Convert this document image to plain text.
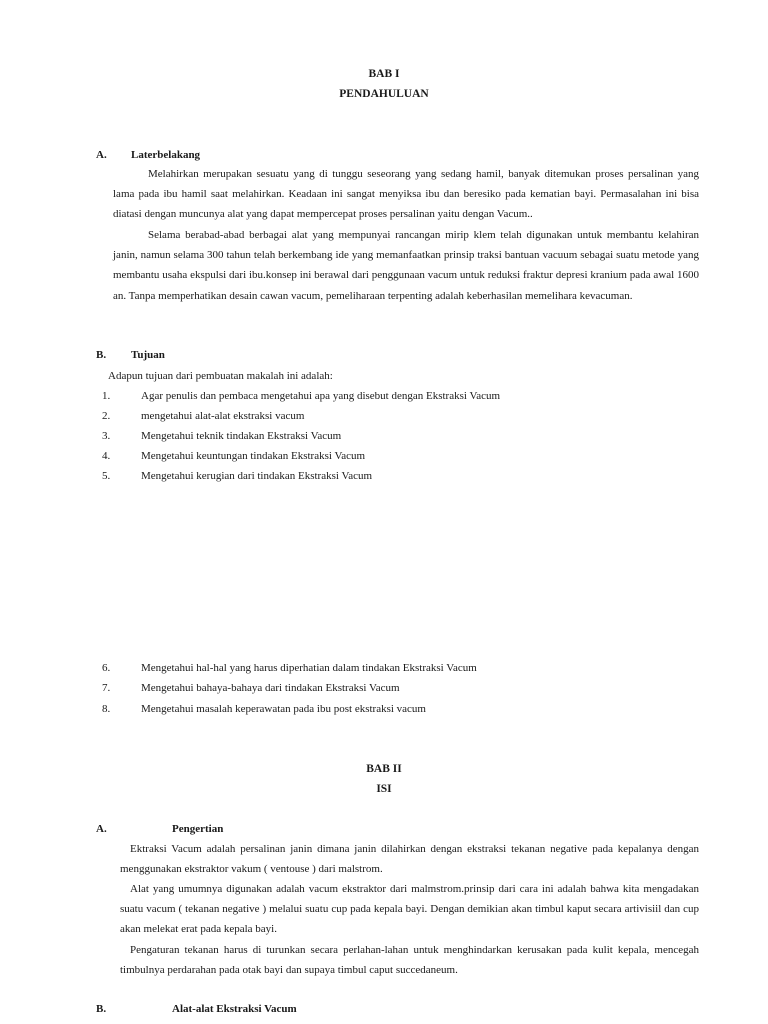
BAB I
PENDAHULUAN
A. Laterbelakang
Melahirkan merupakan sesuatu yang di tunggu seseorang yang sedang hamil, banyak ditemukan proses persalinan yang lama pada ibu hamil saat melahirkan. Keadaan ini sangat menyiksa ibu dan beresiko pada kematian bayi. Permasalahan ini bisa diatasi dengan muncunya alat yang dapat mempercepat proses persalinan yaitu dengan Vacum..
Selama berabad-abad berbagai alat yang mempunyai rancangan mirip klem telah digunakan untuk membantu kelahiran janin, namun selama 300 tahun telah berkembang ide yang memanfaatkan prinsip traksi bantuan vacuum sebagai suatu metode yang membantu usaha ekspulsi dari ibu.konsep ini berawal dari penggunaan vacum untuk reduksi fraktur depresi kranium pada awal 1600 an. Tanpa memperhatikan desain cawan vacum, pemeliharaan terpenting adalah keberhasilan memelihara kevacuman.
B. Tujuan
Adapun tujuan dari pembuatan makalah ini adalah:
1.	Agar penulis dan pembaca mengetahui apa yang disebut dengan Ekstraksi Vacum
2.	mengetahui alat-alat ekstraksi vacum
3.	Mengetahui teknik tindakan Ekstraksi Vacum
4.	Mengetahui keuntungan tindakan Ekstraksi Vacum
5.	Mengetahui kerugian dari tindakan Ekstraksi Vacum
6.	Mengetahui hal-hal yang harus diperhatian dalam tindakan Ekstraksi Vacum
7.	Mengetahui bahaya-bahaya dari tindakan Ekstraksi Vacum
8.	Mengetahui masalah keperawatan pada ibu post ekstraksi vacum
BAB II
ISI
A.	Pengertian
Ektraksi Vacum adalah persalinan janin dimana janin dilahirkan dengan ekstraksi tekanan negative pada kepalanya dengan menggunakan ekstraktor vakum ( ventouse ) dari malstrom.
Alat yang umumnya digunakan adalah vacum ekstraktor dari malmstrom.prinsip dari cara ini adalah bahwa kita mengadakan suatu vacum ( tekanan negative ) melalui suatu cup pada kepala bayi. Dengan demikian akan timbul kaput secara artivisiil dan cup akan melekat erat pada kepala bayi.
Pengaturan tekanan harus di turunkan secara perlahan-lahan untuk menghindarkan kerusakan pada kulit kepala, mencegah timbulnya perdarahan pada otak bayi dan supaya timbul caput succedaneum.
B.	Alat-alat Ekstraksi Vacum
